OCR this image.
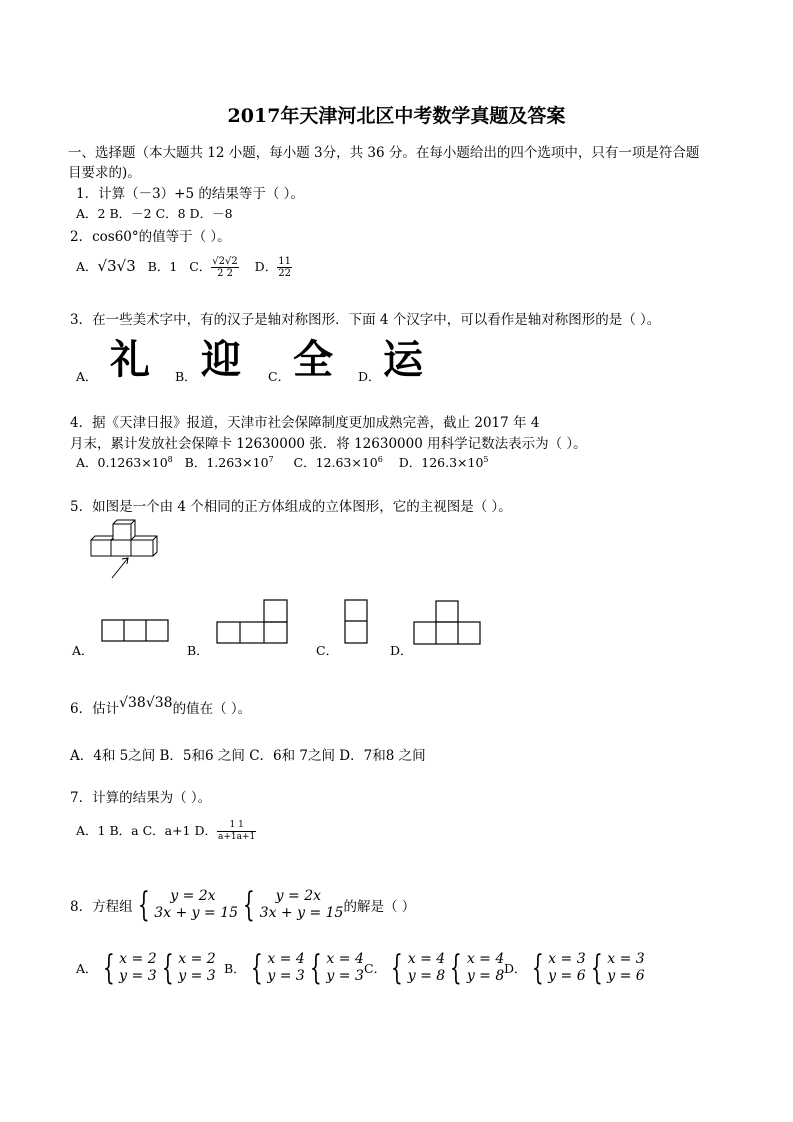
2017年天津河北区中考数学真题及答案
一、选择题（本大题共 12 小题，每小题 3分，共 36 分。在每小题给出的四个选项中，只有一项是符合题
目要求的)。
1．计算（－3）+5 的结果等于（ ）。
A．2 B．－2 C．8 D．－8
2．cos60°的值等于（ ）。
A．√3√3 B．1 C． $\frac{√2√2}{2 2}$ D． $\frac{11}{22}$
3．在一些美术字中，有的汉子是轴对称图形．下面 4 个汉字中，可以看作是轴对称图形的是（ ）。
A． 礼 B． 迎 C． 全 D． 运
4．据《天津日报》报道，天津市社会保障制度更加成熟完善，截止 2017 年 4
月末，累计发放社会保障卡 12630000 张．将 12630000 用科学记数法表示为（ ）。
A．$0.1263\times 10^8$ B．$1.263\times 10^7$ C．$12.63\times 10^6$ D．$126.3\times 10^5$
5．如图是一个由 4 个相同的正方体组成的立体图形，它的主视图是（ ）。
A．	B．	C．	D．
6．估计√38√38的值在（ ）。
A．4和 5之间 B．5和6 之间 C．6和 7之间 D．7和8 之间
7．计算的结果为（ ）。
A．1 B．a C．a+1 D． $\frac{1 1}{a+1a+1}$
8．方程组 {	y = 2x
3x + y = 15 {	y = 2x
3x + y = 15 的解是（ ）
A． { x = 2
y = 3 { x = 2
y = 3 B． { x = 4
y = 3 { x = 4
y = 3 C． { x = 4
y = 8 { x = 4
y = 8 D． { x = 3
y = 6 { x = 3
y = 6
